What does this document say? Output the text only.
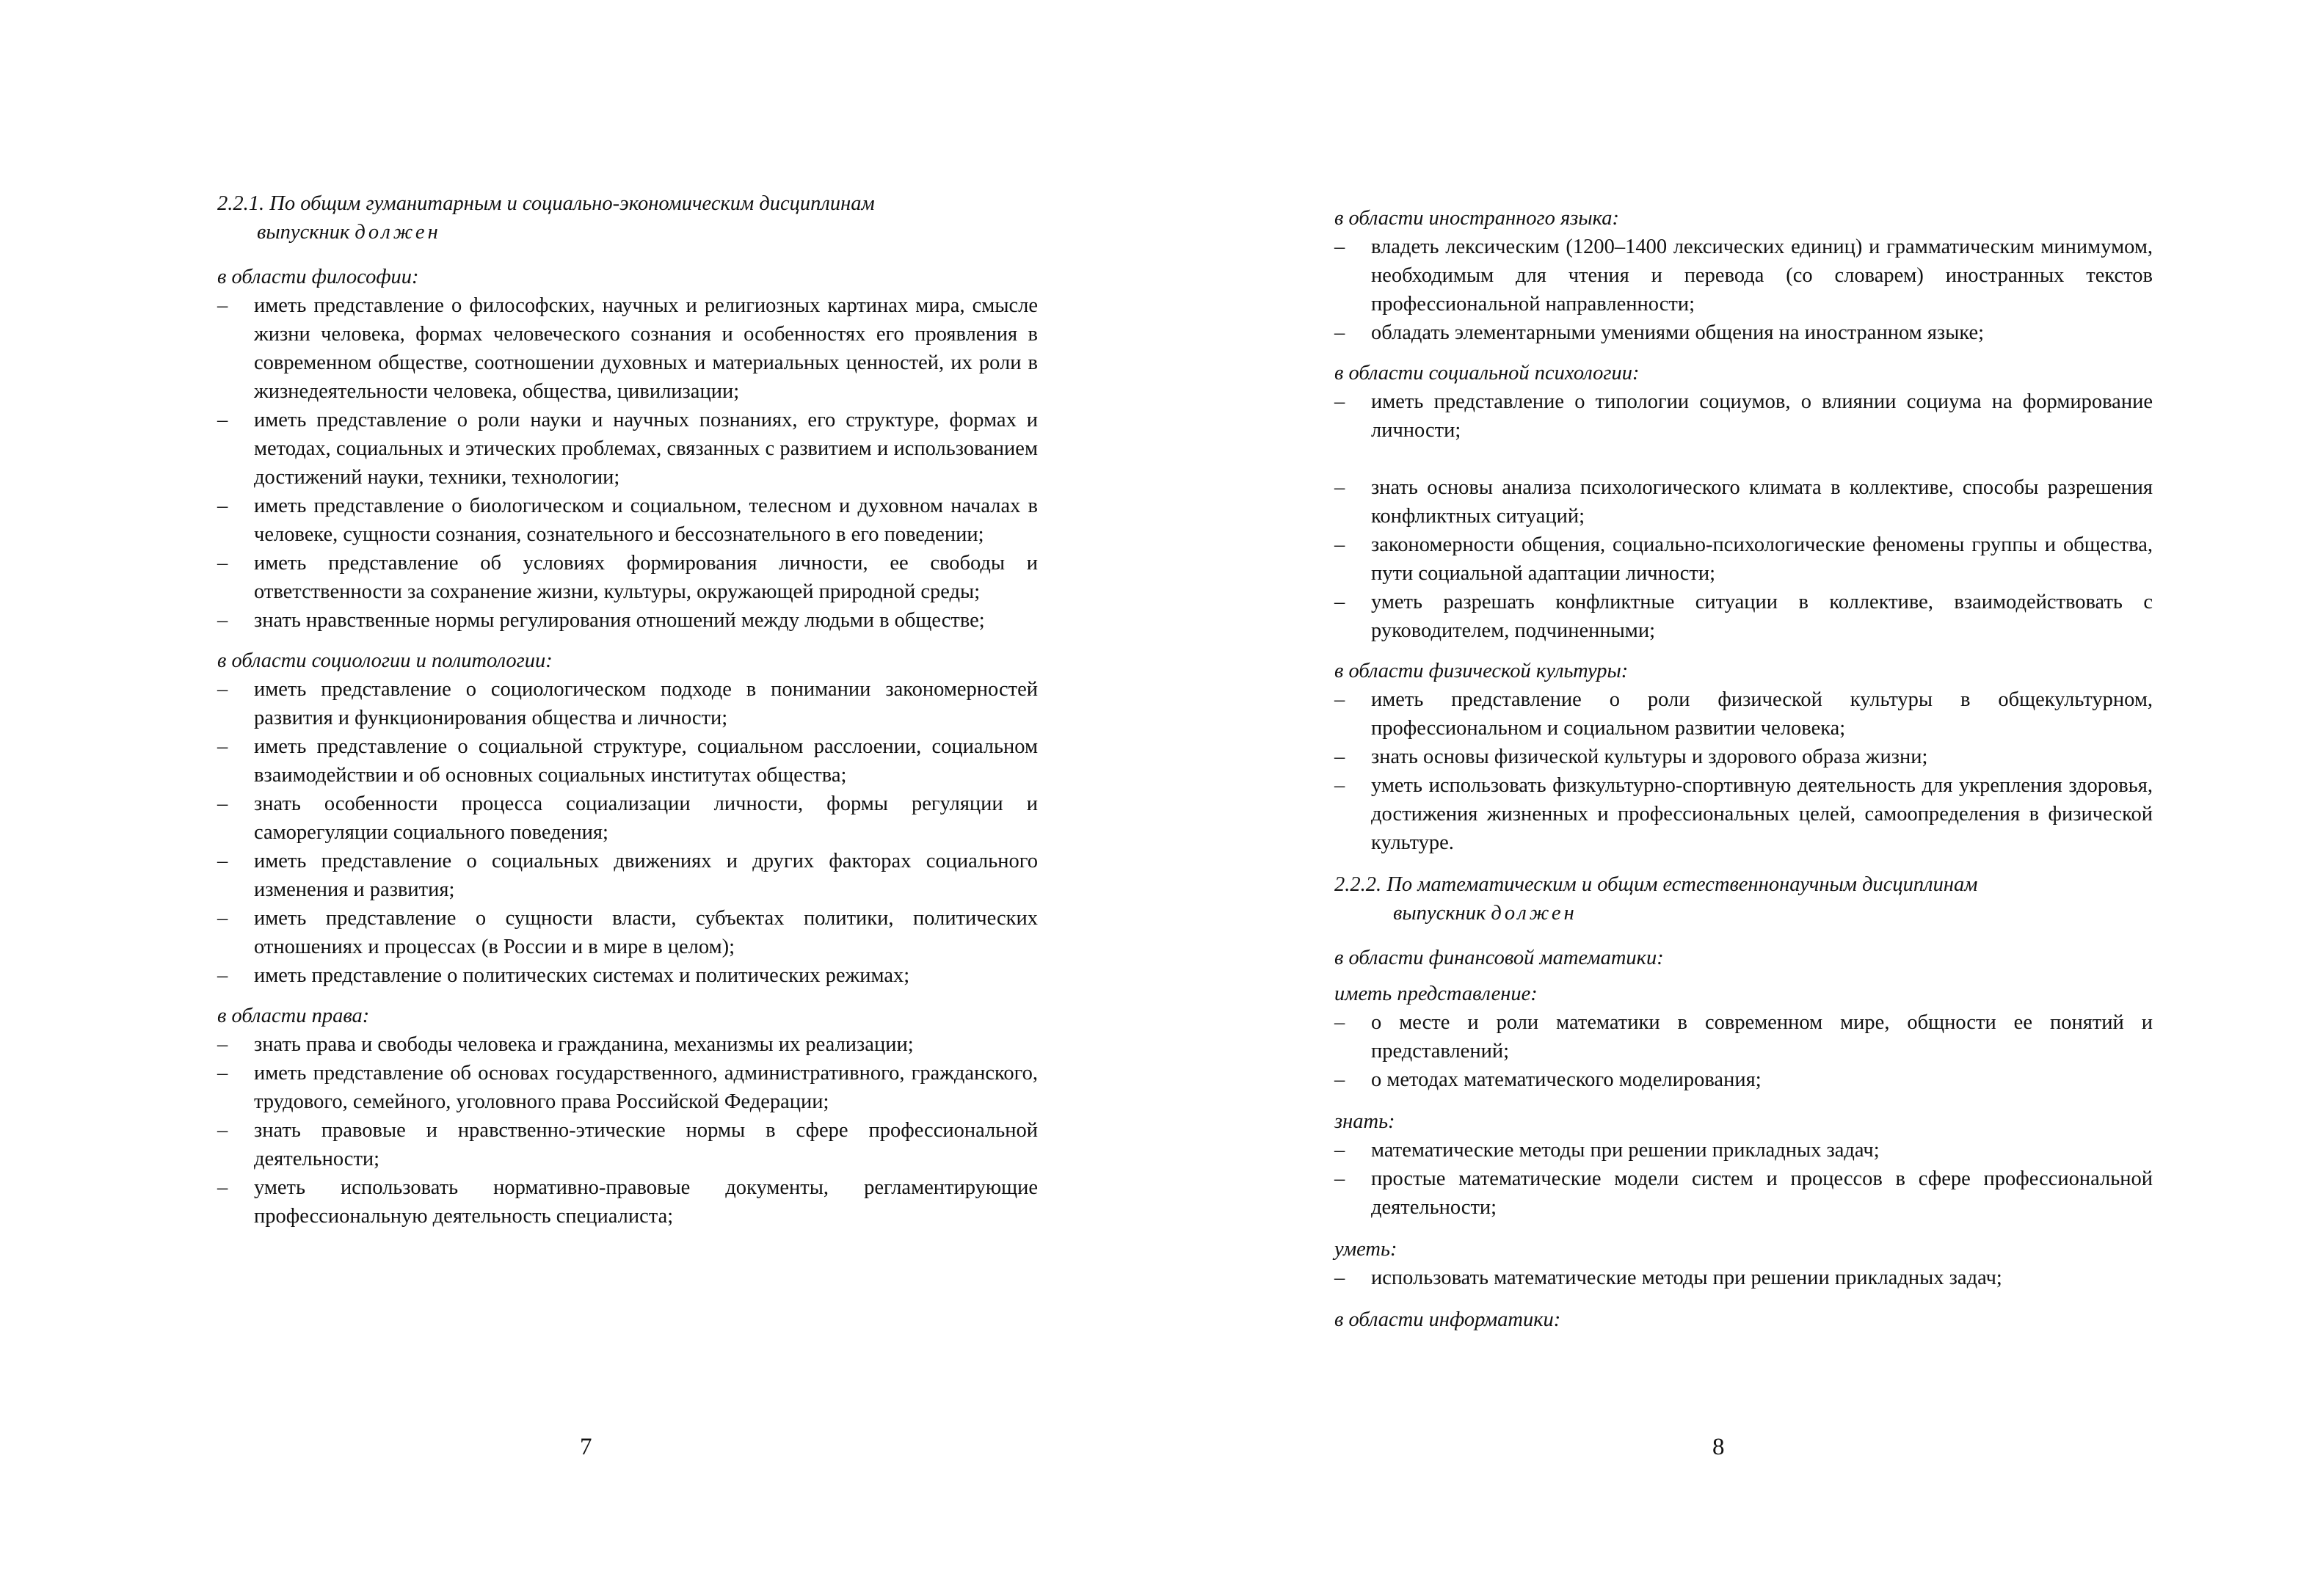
2.2.1. По общим гуманитарным и социально-экономическим дисциплинам
выпускник должен

в области философии:

– иметь представление о философских, научных и религиозных картинах мира, смысле жизни человека, формах человеческого сознания и особенностях его проявления в современном обществе, соотношении духовных и материальных ценностей, их роли в жизнедеятельности человека, общества, цивилизации;
– иметь представление о роли науки и научных познаниях, его структуре, формах и методах, социальных и этических проблемах, связанных с развитием и использованием достижений науки, техники, технологии;
– иметь представление о биологическом и социальном, телесном и духовном началах в человеке, сущности сознания, сознательного и бессознательного в его поведении;
– иметь представление об условиях формирования личности, ее свободы и ответственности за сохранение жизни, культуры, окружающей природной среды;
– знать нравственные нормы регулирования отношений между людьми в обществе;

в области социологии и политологии:

– иметь представление о социологическом подходе в понимании закономерностей развития и функционирования общества и личности;
– иметь представление о социальной структуре, социальном расслоении, социальном взаимодействии и об основных социальных институтах общества;
– знать особенности процесса социализации личности, формы регуляции и саморегуляции социального поведения;
– иметь представление о социальных движениях и других факторах социального изменения и развития;
– иметь представление о сущности власти, субъектах политики, политических отношениях и процессах (в России и в мире в целом);
– иметь представление о политических системах и политических режимах;

в области права:

– знать права и свободы человека и гражданина, механизмы их реализации;
– иметь представление об основах государственного, административного, гражданского, трудового, семейного, уголовного права Российской Федерации;
– знать правовые и нравственно-этические нормы в сфере профессиональной деятельности;
– уметь использовать нормативно-правовые документы, регламентирующие профессиональную деятельность специалиста;
7

в области иностранного языка:

– владеть лексическим (1200–1400 лексических единиц) и грамматическим минимумом, необходимым для чтения и перевода (со словарем) иностранных текстов профессиональной направленности;
– обладать элементарными умениями общения на иностранном языке;

в области социальной психологии:

– иметь представление о типологии социумов, о влиянии социума на формирование личности;
– знать основы анализа психологического климата в коллективе, способы разрешения конфликтных ситуаций;
– закономерности общения, социально-психологические феномены группы и общества, пути социальной адаптации личности;
– уметь разрешать конфликтные ситуации в коллективе, взаимодействовать с руководителем, подчиненными;

в области физической культуры:

– иметь представление о роли физической культуры в общекультурном, профессиональном и социальном развитии человека;
– знать основы физической культуры и здорового образа жизни;
– уметь использовать физкультурно-спортивную деятельность для укрепления здоровья, достижения жизненных и профессиональных целей, самоопределения в физической культуре.

2.2.2. По математическим и общим естественнонаучным дисциплинам
выпускник должен

в области финансовой математики:

иметь представление:

– о месте и роли математики в современном мире, общности ее понятий и представлений;
– о методах математического моделирования;

знать:

– математические методы при решении прикладных задач;
– простые математические модели систем и процессов в сфере профессиональной деятельности;

уметь:

– использовать математические методы при решении прикладных задач;

в области информатики:

8
